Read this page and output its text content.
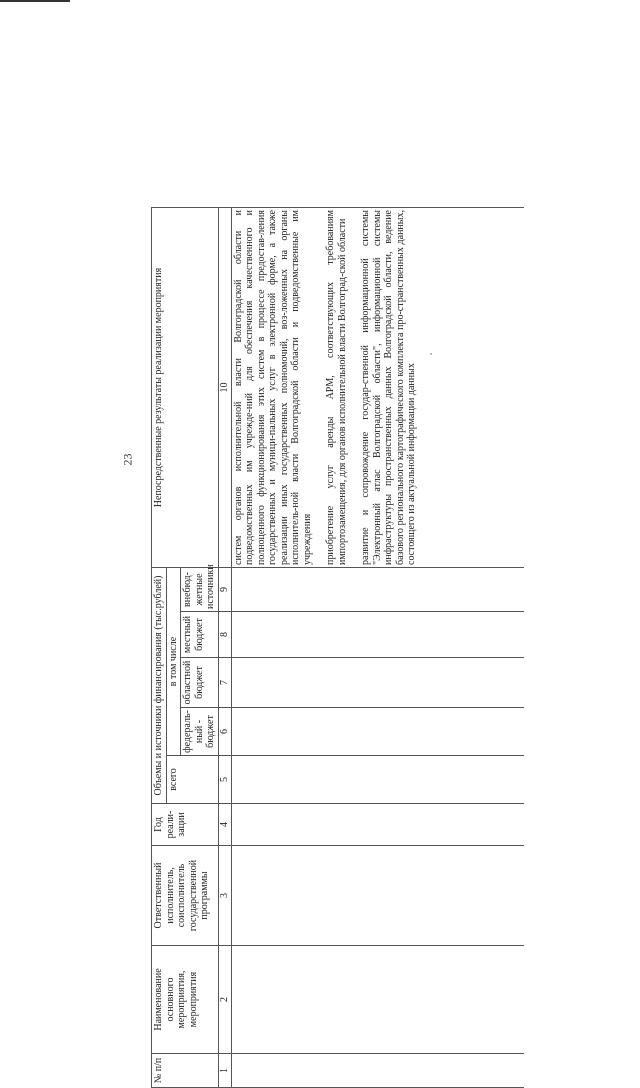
23
№ п/п	Наименование основного мероприятия, мероприятия	Ответственный исполнитель, соисполнитель государственной программы	Год реали-зации	Объемы и источники финансирования (тыс.рублей)					Непосредственные результаты реализации мероприятия
				всего	в том числе				
					федераль-ный - бюджет	областной бюджет	местный бюджет	внебюд-жетные источники	
1	2	3	4	5	6	7	8	9	10

									систем органов исполнительной власти Волгоградской области и подведомственных им учрежде-ний для обеспечения качественного и полноценного функционирования этих систем в процессе предостав-ления государственных и муници-пальных услуг в электронной форме, а также реализации иных государственных полномочий, воз-ложенных на органы исполнитель-ной власти Волгоградской области и подведомственные им учреждения приобретение услуг аренды АРМ, соответствующих требованиям импортозамещения, для органов исполнительной власти Волгоград-ской области развитие и сопровождение государ-ственной информационной системы "Электронный атлас Волгоградской области", информационной системы инфраструктуры пространственных данных Волгоградской области, ведение базового регионального картографического комплекта про-странственных данных, состоящего из актуальной информации данных
